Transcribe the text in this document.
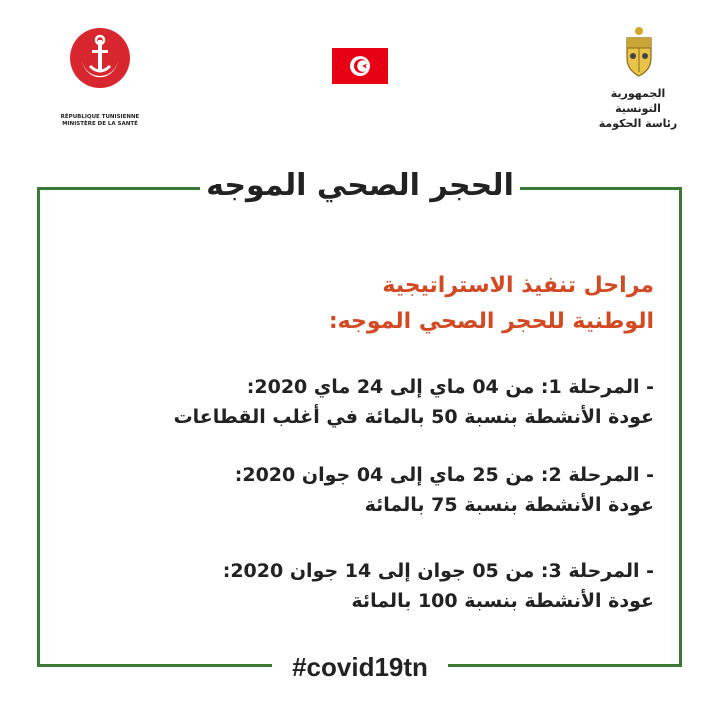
RÉPUBLIQUE TUNISIENNE
MINISTÈRE DE LA SANTÉ
الجمهورية التونسية
رئاسة الحكومة
الحجر الصحي الموجه
مراحل تنفيذ الاستراتيجية
الوطنية للحجر الصحي الموجه:
- المرحلة 1: من 04 ماي إلى 24 ماي 2020:
عودة الأنشطة بنسبة 50 بالمائة في أغلب القطاعات
- المرحلة 2: من 25 ماي إلى 04 جوان 2020:
عودة الأنشطة بنسبة 75 بالمائة
- المرحلة 3: من 05 جوان إلى 14 جوان 2020:
عودة الأنشطة بنسبة 100 بالمائة
#covid19tn
